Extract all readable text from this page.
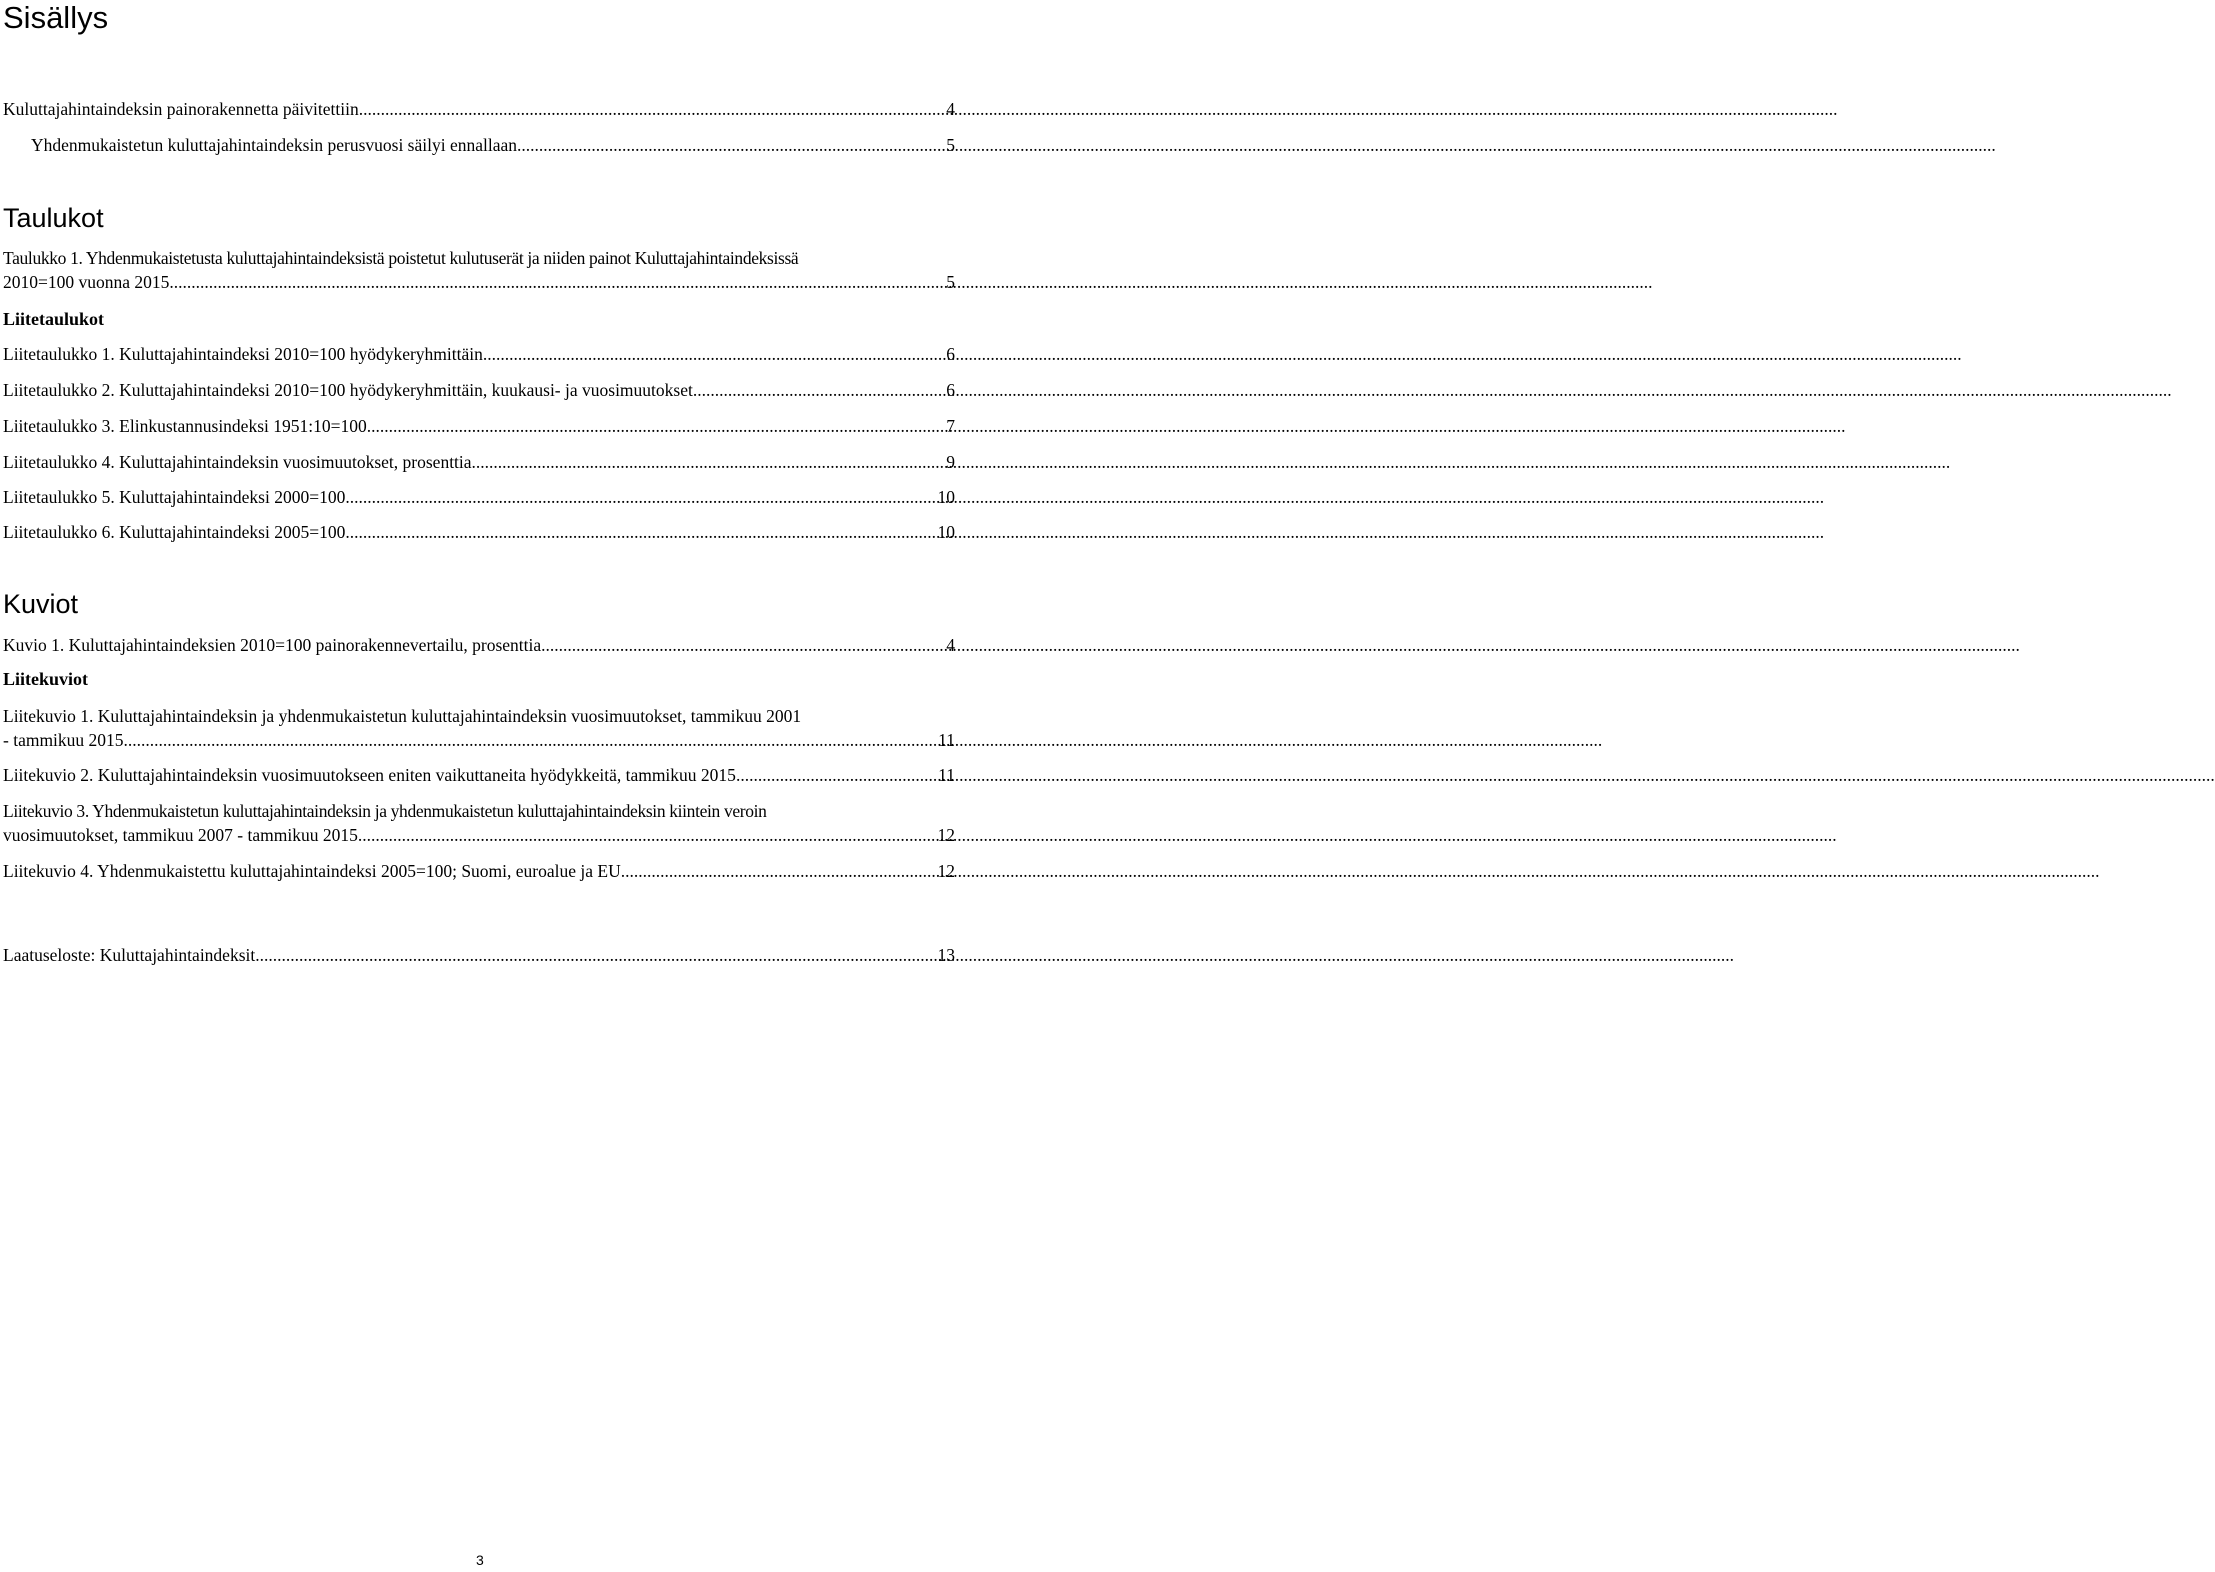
Sisällys
Kuluttajahintaindeksin painorakennetta päivitettiin .....	4
Yhdenmukaistetun kuluttajahintaindeksin perusvuosi säilyi ennallaan .....	5
Taulukot
Taulukko 1. Yhdenmukaistetusta kuluttajahintaindeksistä poistetut kulutuserät ja niiden painot Kuluttajahintaindeksissä
2010=100 vuonna 2015. .....	5
Liitetaulukot
Liitetaulukko 1. Kuluttajahintaindeksi 2010=100 hyödykeryhmittäin .....	6
Liitetaulukko 2. Kuluttajahintaindeksi 2010=100 hyödykeryhmittäin, kuukausi- ja vuosimuutokset .....	6
Liitetaulukko 3. Elinkustannusindeksi 1951:10=100 .....	7
Liitetaulukko 4. Kuluttajahintaindeksin vuosimuutokset, prosenttia .....	9
Liitetaulukko 5. Kuluttajahintaindeksi 2000=100 .....	10
Liitetaulukko 6. Kuluttajahintaindeksi 2005=100 .....	10
Kuviot
Kuvio 1. Kuluttajahintaindeksien 2010=100 painorakennevertailu, prosenttia .....	4
Liitekuviot
Liitekuvio 1. Kuluttajahintaindeksin ja yhdenmukaistetun kuluttajahintaindeksin vuosimuutokset, tammikuu 2001
- tammikuu 2015 .....	11
Liitekuvio 2. Kuluttajahintaindeksin vuosimuutokseen eniten vaikuttaneita hyödykkeitä, tammikuu 2015 .....	11
Liitekuvio 3. Yhdenmukaistetun kuluttajahintaindeksin ja yhdenmukaistetun kuluttajahintaindeksin kiintein veroin
vuosimuutokset, tammikuu 2007 - tammikuu 2015 .....	12
Liitekuvio 4. Yhdenmukaistettu kuluttajahintaindeksi 2005=100; Suomi, euroalue ja EU .....	12
Laatuseloste: Kuluttajahintaindeksit .....	13
3
